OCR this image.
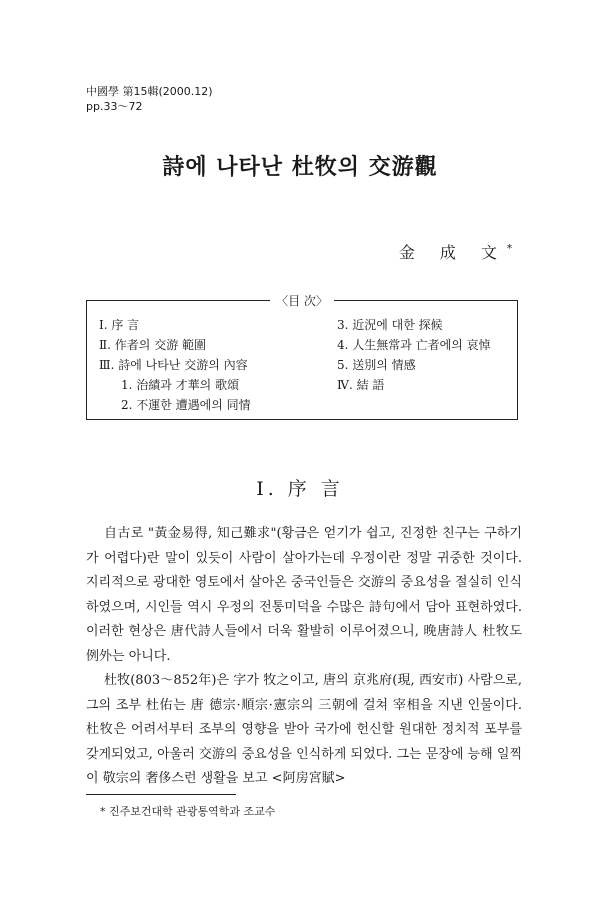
中國學 第15輯(2000.12)
pp.33～72
詩에 나타난 杜牧의 交游觀
金 成 文*
〈目 次〉
Ⅰ. 序 言
Ⅱ. 作者의 交游 範圍
Ⅲ. 詩에 나타난 交游의 內容
1. 治績과 才華의 歌頌
2. 不運한 遭遇에의 同情
3. 近況에 대한 探候
4. 人生無常과 亡者에의 哀悼
5. 送別의 情感
Ⅳ. 結 語
Ⅰ. 序 言

自古로 "黃金易得, 知己難求"(황금은 얻기가 쉽고, 진정한 친구는 구하기가 어렵다)란 말이 있듯이 사람이 살아가는데 우정이란 정말 귀중한 것이다. 지리적으로 광대한 영토에서 살아온 중국인들은 交游의 중요성을 절실히 인식하였으며, 시인들 역시 우정의 전통미덕을 수많은 詩句에서 담아 표현하였다. 이러한 현상은 唐代詩人들에서 더욱 활발히 이루어졌으니, 晚唐詩人 杜牧도 例外는 아니다.

杜牧(803～852年)은 字가 牧之이고, 唐의 京兆府(現, 西安市) 사람으로, 그의 조부 杜佑는 唐 德宗·順宗·憲宗의 三朝에 걸쳐 宰相을 지낸 인물이다. 杜牧은 어려서부터 조부의 영향을 받아 국가에 헌신할 원대한 정치적 포부를 갖게되었고, 아울러 交游의 중요성을 인식하게 되었다. 그는 문장에 능해 일찍이 敬宗의 奢侈스런 생활을 보고 <阿房宮賦>

* 진주보건대학 관광통역학과 조교수
